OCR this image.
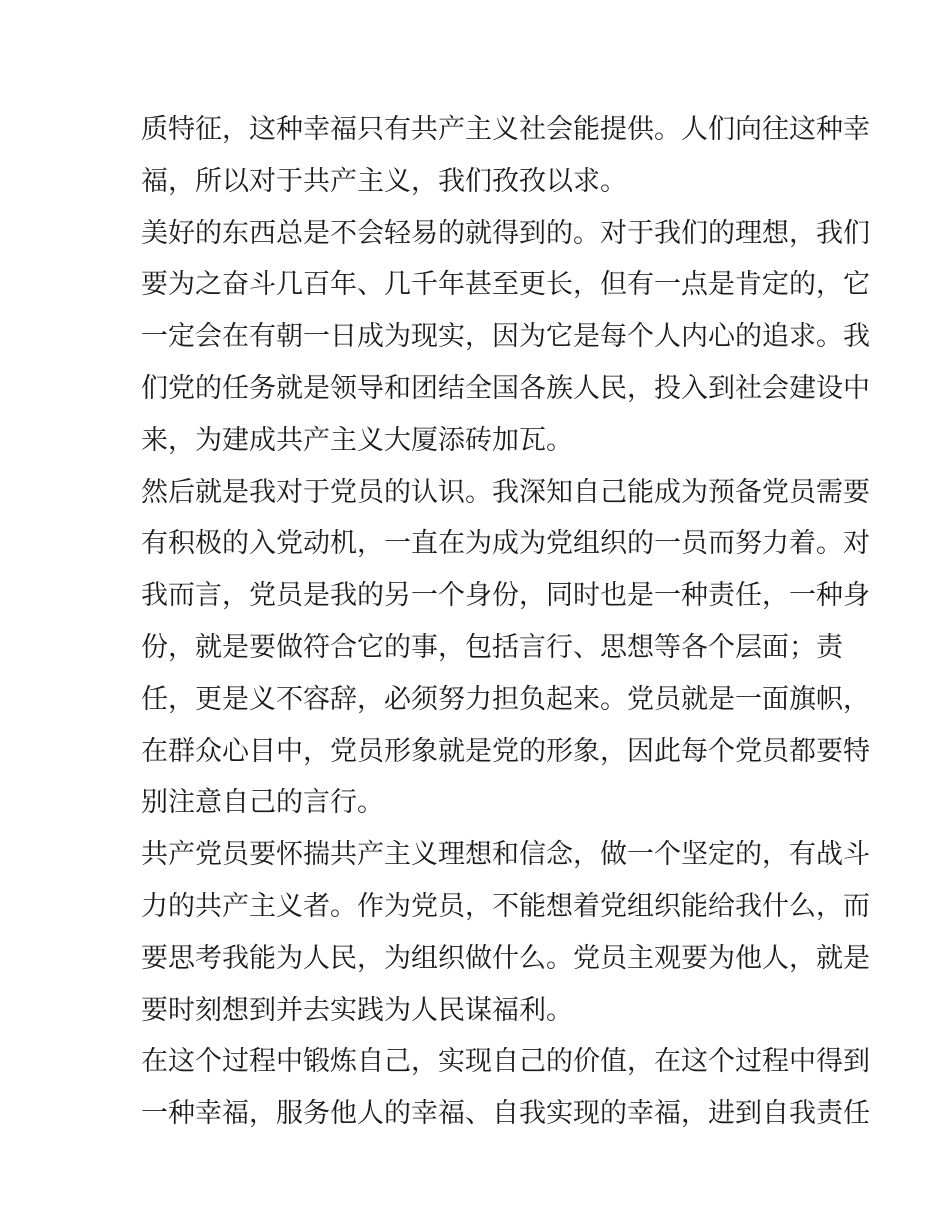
质特征，这种幸福只有共产主义社会能提供。人们向往这种幸
福，所以对于共产主义，我们孜孜以求。
美好的东西总是不会轻易的就得到的。对于我们的理想，我们
要为之奋斗几百年、几千年甚至更长，但有一点是肯定的，它
一定会在有朝一日成为现实，因为它是每个人内心的追求。我
们党的任务就是领导和团结全国各族人民，投入到社会建设中
来，为建成共产主义大厦添砖加瓦。
然后就是我对于党员的认识。我深知自己能成为预备党员需要
有积极的入党动机，一直在为成为党组织的一员而努力着。对
我而言，党员是我的另一个身份，同时也是一种责任，一种身
份，就是要做符合它的事，包括言行、思想等各个层面；责
任，更是义不容辞，必须努力担负起来。党员就是一面旗帜，
在群众心目中，党员形象就是党的形象，因此每个党员都要特
别注意自己的言行。
共产党员要怀揣共产主义理想和信念，做一个坚定的，有战斗
力的共产主义者。作为党员，不能想着党组织能给我什么，而
要思考我能为人民，为组织做什么。党员主观要为他人，就是
要时刻想到并去实践为人民谋福利。
在这个过程中锻炼自己，实现自己的价值，在这个过程中得到
一种幸福，服务他人的幸福、自我实现的幸福，进到自我责任
